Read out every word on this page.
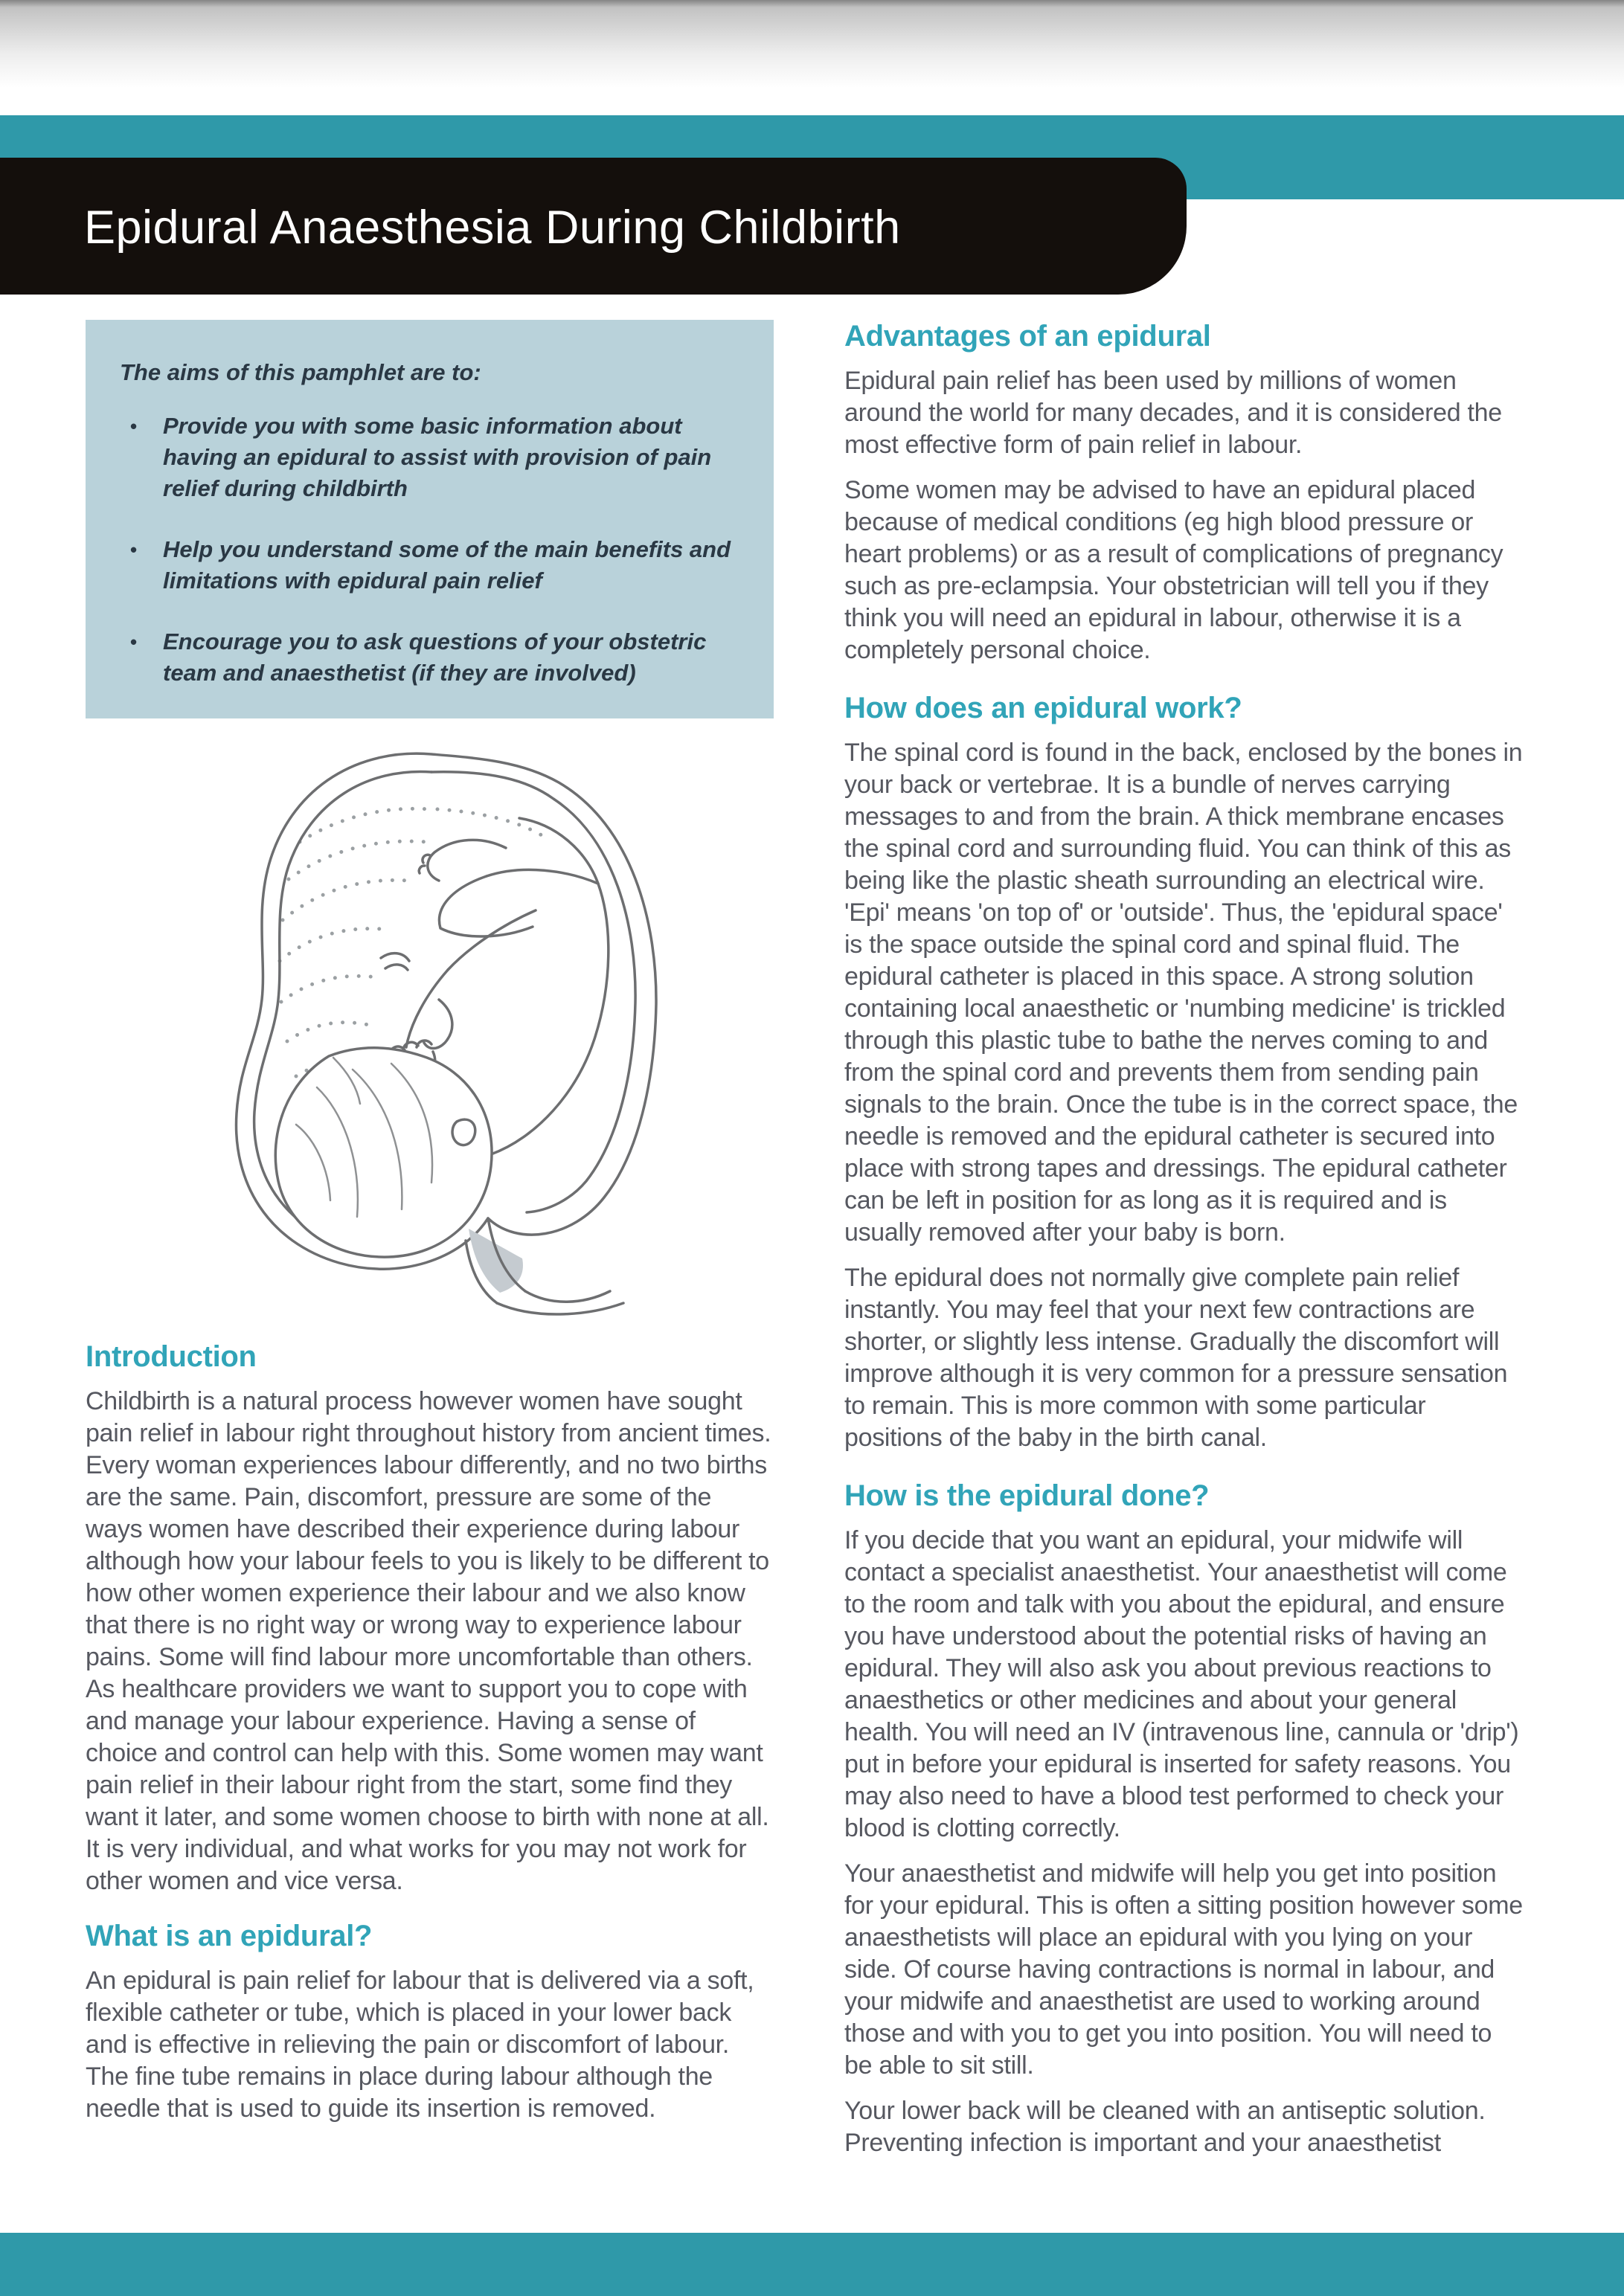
Epidural Anaesthesia During Childbirth

The aims of this pamphlet are to:

• Provide you with some basic information about having an epidural to assist with provision of pain relief during childbirth
• Help you understand some of the main benefits and limitations with epidural pain relief
• Encourage you to ask questions of your obstetric team and anaesthetist (if they are involved)
Introduction

Childbirth is a natural process however women have sought pain relief in labour right throughout history from ancient times. Every woman experiences labour differently, and no two births are the same. Pain, discomfort, pressure are some of the ways women have described their experience during labour although how your labour feels to you is likely to be different to how other women experience their labour and we also know that there is no right way or wrong way to experience labour pains. Some will find labour more uncomfortable than others. As healthcare providers we want to support you to cope with and manage your labour experience. Having a sense of choice and control can help with this. Some women may want pain relief in their labour right from the start, some find they want it later, and some women choose to birth with none at all. It is very individual, and what works for you may not work for other women and vice versa.

What is an epidural?

An epidural is pain relief for labour that is delivered via a soft, flexible catheter or tube, which is placed in your lower back and is effective in relieving the pain or discomfort of labour. The fine tube remains in place during labour although the needle that is used to guide its insertion is removed.

Advantages of an epidural

Epidural pain relief has been used by millions of women around the world for many decades, and it is considered the most effective form of pain relief in labour.

Some women may be advised to have an epidural placed because of medical conditions (eg high blood pressure or heart problems) or as a result of complications of pregnancy such as pre-eclampsia. Your obstetrician will tell you if they think you will need an epidural in labour, otherwise it is a completely personal choice.

How does an epidural work?

The spinal cord is found in the back, enclosed by the bones in your back or vertebrae. It is a bundle of nerves carrying messages to and from the brain. A thick membrane encases the spinal cord and surrounding fluid. You can think of this as being like the plastic sheath surrounding an electrical wire. 'Epi' means 'on top of' or 'outside'. Thus, the 'epidural space' is the space outside the spinal cord and spinal fluid. The epidural catheter is placed in this space. A strong solution containing local anaesthetic or 'numbing medicine' is trickled through this plastic tube to bathe the nerves coming to and from the spinal cord and prevents them from sending pain signals to the brain. Once the tube is in the correct space, the needle is removed and the epidural catheter is secured into place with strong tapes and dressings. The epidural catheter can be left in position for as long as it is required and is usually removed after your baby is born.

The epidural does not normally give complete pain relief instantly. You may feel that your next few contractions are shorter, or slightly less intense. Gradually the discomfort will improve although it is very common for a pressure sensation to remain. This is more common with some particular positions of the baby in the birth canal.

How is the epidural done?

If you decide that you want an epidural, your midwife will contact a specialist anaesthetist. Your anaesthetist will come to the room and talk with you about the epidural, and ensure you have understood about the potential risks of having an epidural. They will also ask you about previous reactions to anaesthetics or other medicines and about your general health. You will need an IV (intravenous line, cannula or 'drip') put in before your epidural is inserted for safety reasons. You may also need to have a blood test performed to check your blood is clotting correctly.

Your anaesthetist and midwife will help you get into position for your epidural. This is often a sitting position however some anaesthetists will place an epidural with you lying on your side. Of course having contractions is normal in labour, and your midwife and anaesthetist are used to working around those and with you to get you into position. You will need to be able to sit still.

Your lower back will be cleaned with an antiseptic solution. Preventing infection is important and your anaesthetist
